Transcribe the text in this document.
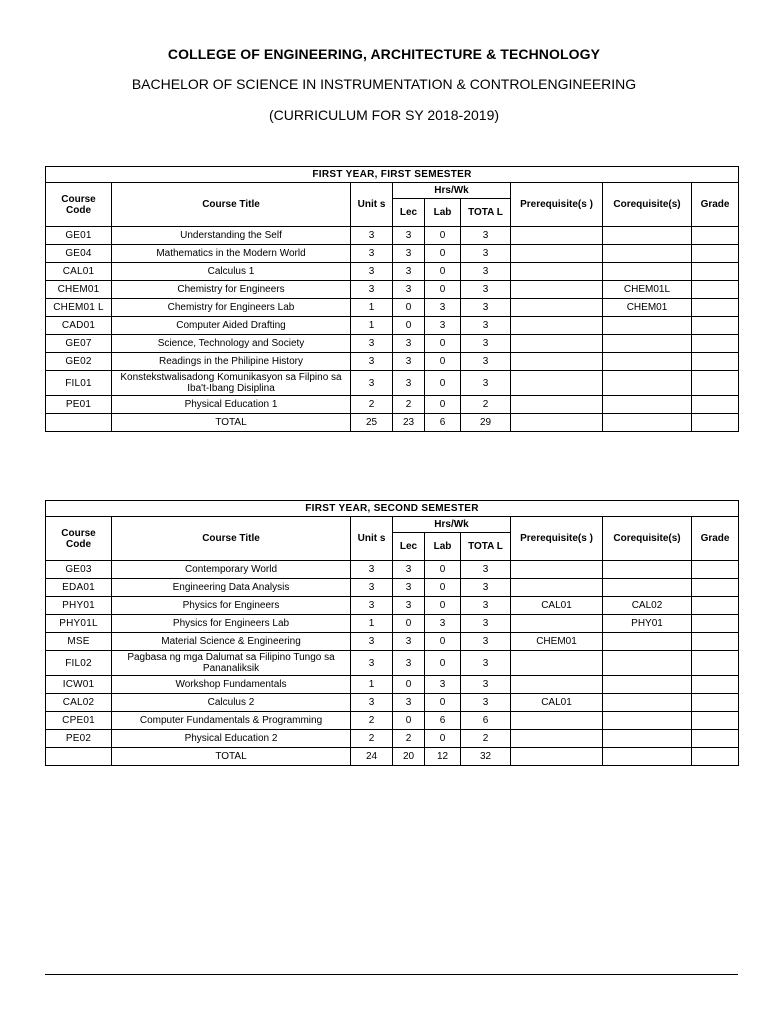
COLLEGE OF ENGINEERING, ARCHITECTURE & TECHNOLOGY
BACHELOR OF SCIENCE IN INSTRUMENTATION & CONTROLENGINEERING
(CURRICULUM FOR SY 2018-2019)
FIRST YEAR, FIRST SEMESTER								
Course Code	Course Title	Unit s	Hrs/Wk			Prerequisite(s )	Corequisite(s)	Grade
			Lec	Lab	TOTA L			
GE01	Understanding the Self	3	3	0	3			
GE04	Mathematics in the Modern World	3	3	0	3			
CAL01	Calculus 1	3	3	0	3			
CHEM01	Chemistry for Engineers	3	3	0	3		CHEM01L	
CHEM01 L	Chemistry for Engineers Lab	1	0	3	3		CHEM01	
CAD01	Computer Aided Drafting	1	0	3	3			
GE07	Science, Technology and Society	3	3	0	3			
GE02	Readings in the Philipine History	3	3	0	3			
FIL01	Konstekstwalisadong Komunikasyon sa Filpino sa Iba't-Ibang Disiplina	3	3	0	3			
PE01	Physical Education 1	2	2	0	2			
	TOTAL	25	23	6	29			
FIRST YEAR, SECOND SEMESTER								
Course Code	Course Title	Unit s	Hrs/Wk			Prerequisite(s )	Corequisite(s)	Grade
			Lec	Lab	TOTA L			
GE03	Contemporary World	3	3	0	3			
EDA01	Engineering Data Analysis	3	3	0	3			
PHY01	Physics for Engineers	3	3	0	3	CAL01	CAL02	
PHY01L	Physics for Engineers Lab	1	0	3	3		PHY01	
MSE	Material Science & Engineering	3	3	0	3	CHEM01		
FIL02	Pagbasa ng mga Dalumat sa Filipino Tungo sa Pananaliksik	3	3	0	3			
ICW01	Workshop Fundamentals	1	0	3	3			
CAL02	Calculus 2	3	3	0	3	CAL01		
CPE01	Computer Fundamentals & Programming	2	0	6	6			
PE02	Physical Education 2	2	2	0	2			
	TOTAL	24	20	12	32			
